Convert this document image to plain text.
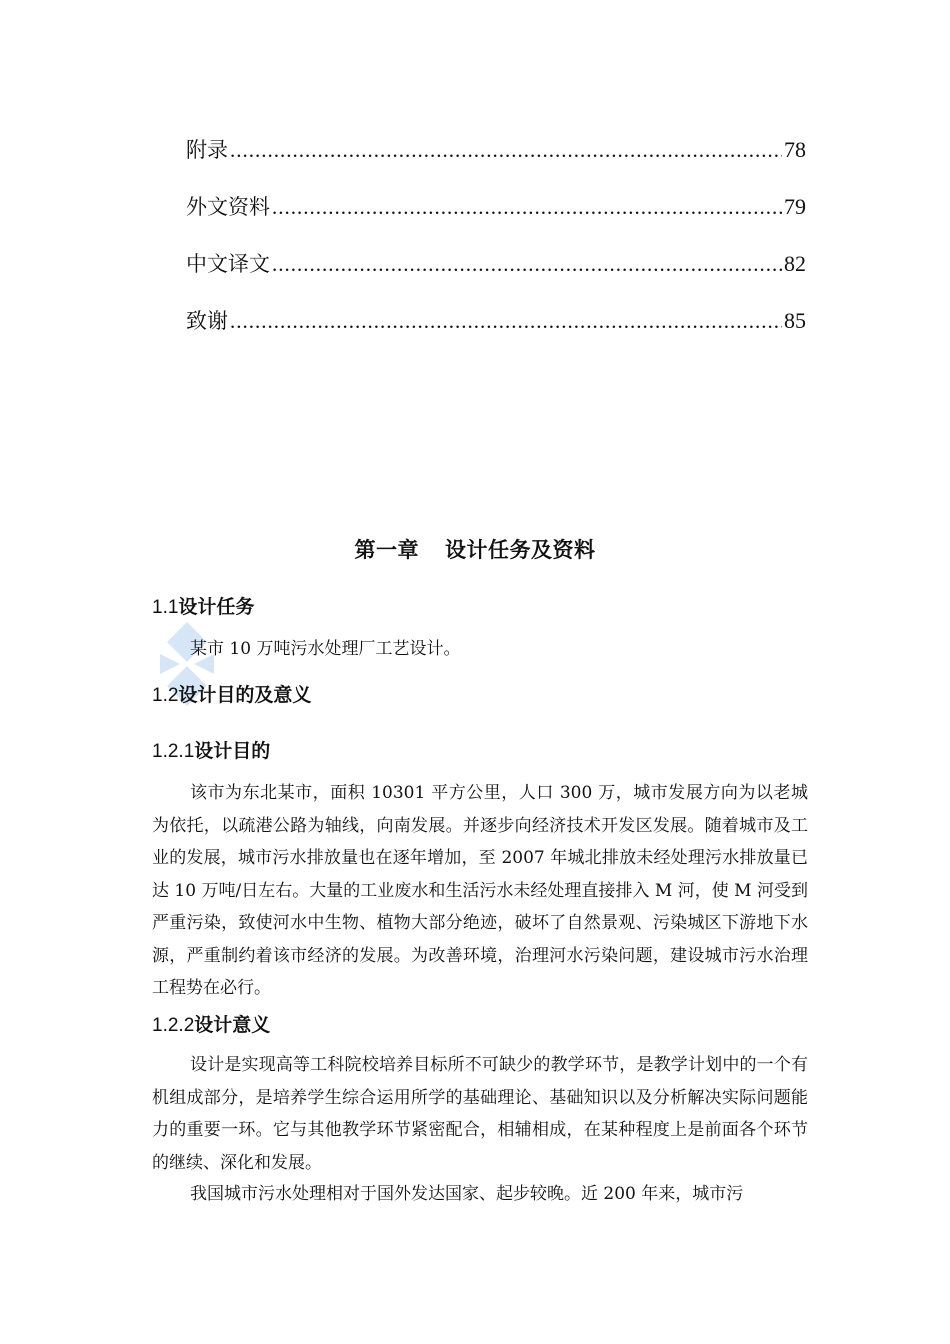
附录 .....	78
外文资料 .....	79
中文译文 .....	82
致谢 .....	85
第一章 设计任务及资料
1.1设计任务

某市 10 万吨污水处理厂工艺设计。

1.2设计目的及意义
1.2.1设计目的

该市为东北某市，面积 10301 平方公里，人口 300 万，城市发展方向为以老城为依托，以疏港公路为轴线，向南发展。并逐步向经济技术开发区发展。随着城市及工业的发展，城市污水排放量也在逐年增加，至 2007 年城北排放未经处理污水排放量已达 10 万吨/日左右。大量的工业废水和生活污水未经处理直接排入 M 河，使 M 河受到严重污染，致使河水中生物、植物大部分绝迹，破坏了自然景观、污染城区下游地下水源，严重制约着该市经济的发展。为改善环境，治理河水污染问题，建设城市污水治理工程势在必行。

1.2.2设计意义

设计是实现高等工科院校培养目标所不可缺少的教学环节，是教学计划中的一个有机组成部分，是培养学生综合运用所学的基础理论、基础知识以及分析解决实际问题能力的重要一环。它与其他教学环节紧密配合，相辅相成，在某种程度上是前面各个环节的继续、深化和发展。

我国城市污水处理相对于国外发达国家、起步较晚。近 200 年来，城市污
